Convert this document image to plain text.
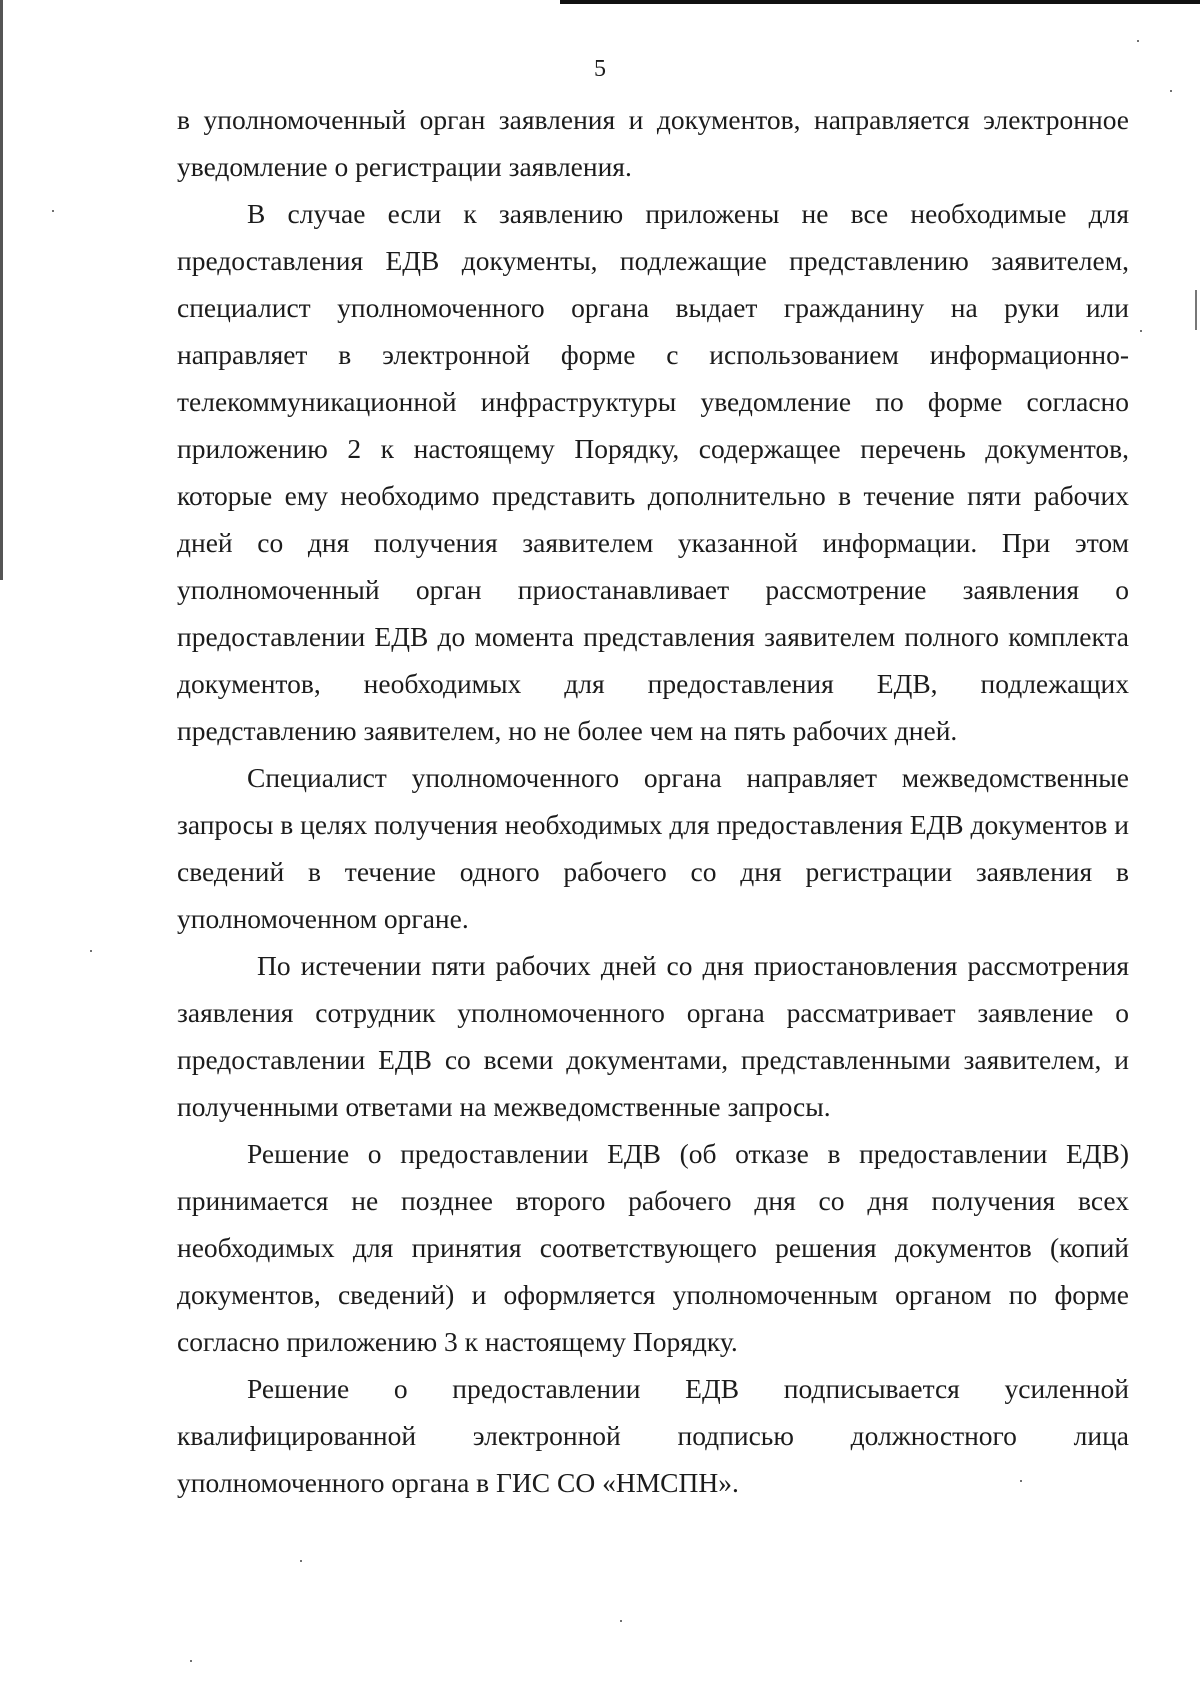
5

в уполномоченный орган заявления и документов, направляется электронное уведомление о регистрации заявления.

В случае если к заявлению приложены не все необходимые для предоставления ЕДВ документы, подлежащие представлению заявителем, специалист уполномоченного органа выдает гражданину на руки или направляет в электронной форме с использованием информационно-телекоммуникационной инфраструктуры уведомление по форме согласно приложению 2 к настоящему Порядку, содержащее перечень документов, которые ему необходимо представить дополнительно в течение пяти рабочих дней со дня получения заявителем указанной информации. При этом уполномоченный орган приостанавливает рассмотрение заявления о предоставлении ЕДВ до момента представления заявителем полного комплекта документов, необходимых для предоставления ЕДВ, подлежащих представлению заявителем, но не более чем на пять рабочих дней.

Специалист уполномоченного органа направляет межведомственные запросы в целях получения необходимых для предоставления ЕДВ документов и сведений в течение одного рабочего со дня регистрации заявления в уполномоченном органе.

По истечении пяти рабочих дней со дня приостановления рассмотрения заявления сотрудник уполномоченного органа рассматривает заявление о предоставлении ЕДВ со всеми документами, представленными заявителем, и полученными ответами на межведомственные запросы.

Решение о предоставлении ЕДВ (об отказе в предоставлении ЕДВ) принимается не позднее второго рабочего дня со дня получения всех необходимых для принятия соответствующего решения документов (копий документов, сведений) и оформляется уполномоченным органом по форме согласно приложению 3 к настоящему Порядку.

Решение о предоставлении ЕДВ подписывается усиленной квалифицированной электронной подписью должностного лица уполномоченного органа в ГИС СО «НМСПН».
